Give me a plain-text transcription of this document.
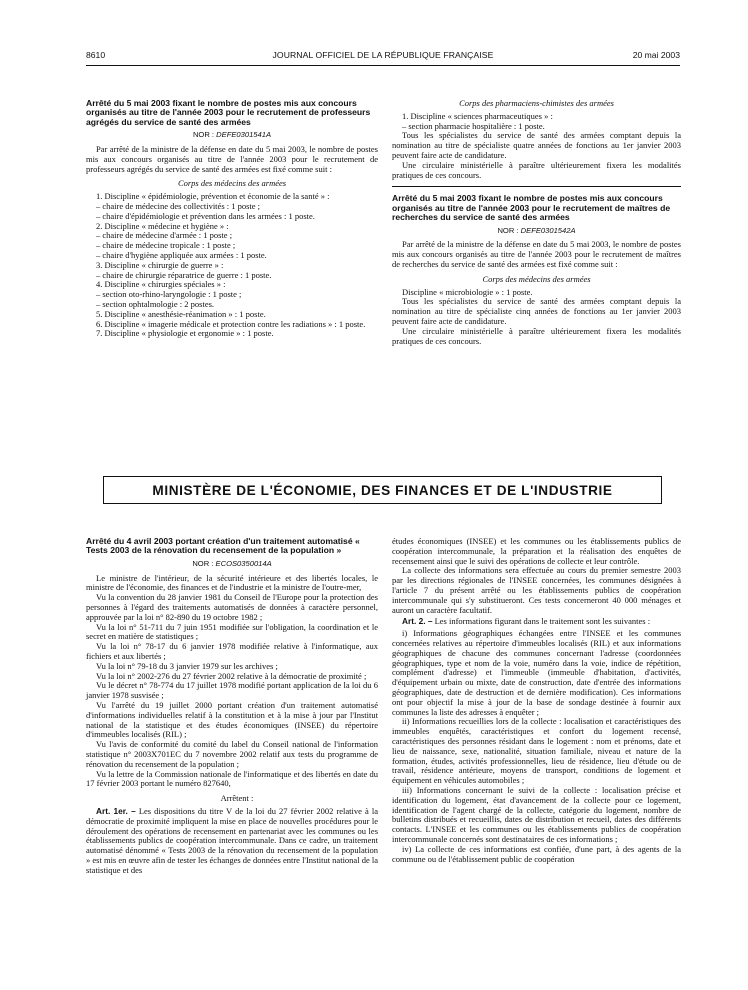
8610	JOURNAL OFFICIEL DE LA RÉPUBLIQUE FRANÇAISE	20 mai 2003
Arrêté du 5 mai 2003 fixant le nombre de postes mis aux concours organisés au titre de l'année 2003 pour le recrutement de professeurs agrégés du service de santé des armées
NOR : DEFE0301541A

Par arrêté de la ministre de la défense en date du 5 mai 2003, le nombre de postes mis aux concours organisés au titre de l'année 2003 pour le recrutement de professeurs agrégés du service de santé des armées est fixé comme suit :

Corps des médecins des armées

1. Discipline « épidémiologie, prévention et économie de la santé » :

– chaire de médecine des collectivités : 1 poste ;

– chaire d'épidémiologie et prévention dans les armées : 1 poste.

2. Discipline « médecine et hygiène » :

– chaire de médecine d'armée : 1 poste ;

– chaire de médecine tropicale : 1 poste ;

– chaire d'hygiène appliquée aux armées : 1 poste.

3. Discipline « chirurgie de guerre » :

– chaire de chirurgie réparatrice de guerre : 1 poste.

4. Discipline « chirurgies spéciales » :

– section oto-rhino-laryngologie : 1 poste ;

– section ophtalmologie : 2 postes.

5. Discipline « anesthésie-réanimation » : 1 poste.

6. Discipline « imagerie médicale et protection contre les radiations » : 1 poste.

7. Discipline « physiologie et ergonomie » : 1 poste.

Corps des pharmaciens-chimistes des armées

1. Discipline « sciences pharmaceutiques » :

– section pharmacie hospitalière : 1 poste.

Tous les spécialistes du service de santé des armées comptant depuis la nomination au titre de spécialiste quatre années de fonctions au 1er janvier 2003 peuvent faire acte de candidature.

Une circulaire ministérielle à paraître ultérieurement fixera les modalités pratiques de ces concours.

Arrêté du 5 mai 2003 fixant le nombre de postes mis aux concours organisés au titre de l'année 2003 pour le recrutement de maîtres de recherches du service de santé des armées
NOR : DEFE0301542A

Par arrêté de la ministre de la défense en date du 5 mai 2003, le nombre de postes mis aux concours organisés au titre de l'année 2003 pour le recrutement de maîtres de recherches du service de santé des armées est fixé comme suit :

Corps des médecins des armées

Discipline « microbiologie » : 1 poste.

Tous les spécialistes du service de santé des armées comptant depuis la nomination au titre de spécialiste cinq années de fonctions au 1er janvier 2003 peuvent faire acte de candidature.

Une circulaire ministérielle à paraître ultérieurement fixera les modalités pratiques de ces concours.

MINISTÈRE DE L'ÉCONOMIE, DES FINANCES ET DE L'INDUSTRIE
Arrêté du 4 avril 2003 portant création d'un traitement automatisé « Tests 2003 de la rénovation du recensement de la population »
NOR : ECOS0350014A

Le ministre de l'intérieur, de la sécurité intérieure et des libertés locales, le ministre de l'économie, des finances et de l'industrie et la ministre de l'outre-mer,

Vu la convention du 28 janvier 1981 du Conseil de l'Europe pour la protection des personnes à l'égard des traitements automatisés de données à caractère personnel, approuvée par la loi n° 82-890 du 19 octobre 1982 ;

Vu la loi n° 51-711 du 7 juin 1951 modifiée sur l'obligation, la coordination et le secret en matière de statistiques ;

Vu la loi n° 78-17 du 6 janvier 1978 modifiée relative à l'informatique, aux fichiers et aux libertés ;

Vu la loi n° 79-18 du 3 janvier 1979 sur les archives ;

Vu la loi n° 2002-276 du 27 février 2002 relative à la démocratie de proximité ;

Vu le décret n° 78-774 du 17 juillet 1978 modifié portant application de la loi du 6 janvier 1978 susvisée ;

Vu l'arrêté du 19 juillet 2000 portant création d'un traitement automatisé d'informations individuelles relatif à la constitution et à la mise à jour par l'Institut national de la statistique et des études économiques (INSEE) du répertoire d'immeubles localisés (RIL) ;

Vu l'avis de conformité du comité du label du Conseil national de l'information statistique n° 2003X701EC du 7 novembre 2002 relatif aux tests du programme de rénovation du recensement de la population ;

Vu la lettre de la Commission nationale de l'informatique et des libertés en date du 17 février 2003 portant le numéro 827640,

Arrêtent :

Art. 1er. – Les dispositions du titre V de la loi du 27 février 2002 relative à la démocratie de proximité impliquent la mise en place de nouvelles procédures pour le déroulement des opérations de recensement en partenariat avec les communes ou les établissements publics de coopération intercommunale. Dans ce cadre, un traitement automatisé dénommé « Tests 2003 de la rénovation du recensement de la population » est mis en œuvre afin de tester les échanges de données entre l'Institut national de la statistique et des

études économiques (INSEE) et les communes ou les établissements publics de coopération intercommunale, la préparation et la réalisation des enquêtes de recensement ainsi que le suivi des opérations de collecte et leur contrôle.

La collecte des informations sera effectuée au cours du premier semestre 2003 par les directions régionales de l'INSEE concernées, les communes désignées à l'article 7 du présent arrêté ou les établissements publics de coopération intercommunale qui s'y substitueront. Ces tests concerneront 40 000 ménages et auront un caractère facultatif.

Art. 2. – Les informations figurant dans le traitement sont les suivantes :

i) Informations géographiques échangées entre l'INSEE et les communes concernées relatives au répertoire d'immeubles localisés (RIL) et aux informations géographiques de chacune des communes concernant l'adresse (coordonnées géographiques, type et nom de la voie, numéro dans la voie, indice de répétition, complément d'adresse) et l'immeuble (immeuble d'habitation, d'activités, d'équipement urbain ou mixte, date de construction, date d'entrée des informations géographiques, date de destruction et de dernière modification). Ces informations ont pour objectif la mise à jour de la base de sondage destinée à fournir aux communes la liste des adresses à enquêter ;

ii) Informations recueillies lors de la collecte : localisation et caractéristiques des immeubles enquêtés, caractéristiques et confort du logement recensé, caractéristiques des personnes résidant dans le logement : nom et prénoms, date et lieu de naissance, sexe, nationalité, situation familiale, niveau et nature de la formation, études, activités professionnelles, lieu de résidence, lieu d'étude ou de travail, résidence antérieure, moyens de transport, conditions de logement et équipement en véhicules automobiles ;

iii) Informations concernant le suivi de la collecte : localisation précise et identification du logement, état d'avancement de la collecte pour ce logement, identification de l'agent chargé de la collecte, catégorie du logement, nombre de bulletins distribués et recueillis, dates de distribution et recueil, dates des différents contacts. L'INSEE et les communes ou les établissements publics de coopération intercommunale concernés sont destinataires de ces informations ;

iv) La collecte de ces informations est confiée, d'une part, à des agents de la commune ou de l'établissement public de coopération
